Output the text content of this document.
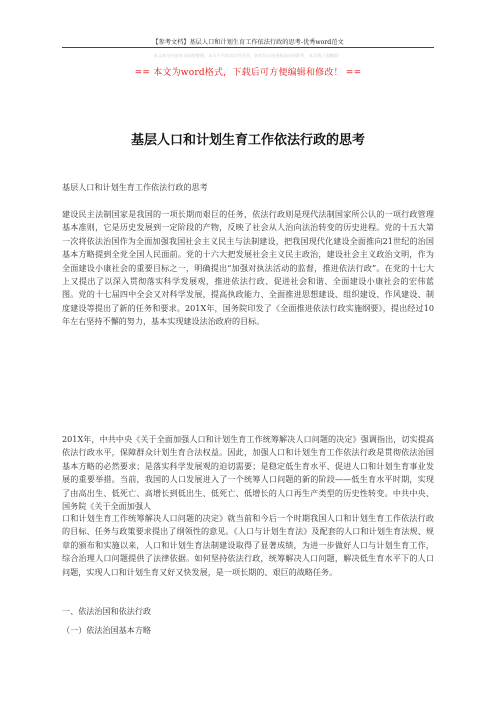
【参考文档】基层人口和计划生育工作依法行政的思考-优秀word范文
本文部分内容来自网络整理，本司不为其真实性负责，如有异议或侵权请及时联系，本司将立即删除！
== 本文为word格式，下载后可方便编辑和修改！ ==
基层人口和计划生育工作依法行政的思考

基层人口和计划生育工作依法行政的思考

建设民主法制国家是我国的一项长期而艰巨的任务，依法行政则是现代法制国家所公认的一项行政管理基本准则，它是历史发展到一定阶段的产物，反映了社会从人治向法治转变的历史进程。党的十五大第一次将依法治国作为全面加强我国社会主义民主与法制建设，把我国现代化建设全面推向21世纪的治国基本方略提到全党全国人民面前。党的十六大把发展社会主义民主政治，建设社会主义政治文明，作为全面建设小康社会的重要目标之一，明确提出“加强对执法活动的监督，推进依法行政”。在党的十七大上又提出了以深入贯彻落实科学发展观，推进依法行政、促进社会和谐、全面建设小康社会的宏伟蓝图。党的十七届四中全会又对科学发展，提高执政能力、全面推进思想建设、组织建设、作风建设、制度建设等提出了新的任务和要求。201X年，国务院印发了《全面推进依法行政实施纲要》，提出经过10年左右坚持不懈的努力，基本实现建设法治政府的目标。

201X年，中共中央《关于全面加强人口和计划生育工作统筹解决人口问题的决定》强调指出，切实提高依法行政水平，保障群众计划生育合法权益。因此，加强人口和计划生育工作依法行政是贯彻依法治国基本方略的必然要求；是落实科学发展观的迫切需要；是稳定低生育水平、促进人口和计划生育事业发展的重要举措。当前，我国的人口发展进入了一个统筹人口问题的新的阶段——低生育水平时期，实现了由高出生、低死亡、高增长到低出生、低死亡、低增长的人口再生产类型的历史性转变。中共中央、国务院《关于全面加强人

口和计划生育工作统筹解决人口问题的决定》就当前和今后一个时期我国人口和计划生育工作依法行政的目标、任务与政策要求提出了纲领性的意见。《人口与计划生育法》及配套的人口和计划生育法规、规章的颁布和实施以来，人口和计划生育法制建设取得了显著成绩，为进一步做好人口与计划生育工作，综合治理人口问题提供了法律依据。如何坚持依法行政，统筹解决人口问题，解决低生育水平下的人口问题，实现人口和计划生育又好又快发展，是一项长期的、艰巨的战略任务。

一、依法治国和依法行政

（一）依法治国基本方略
